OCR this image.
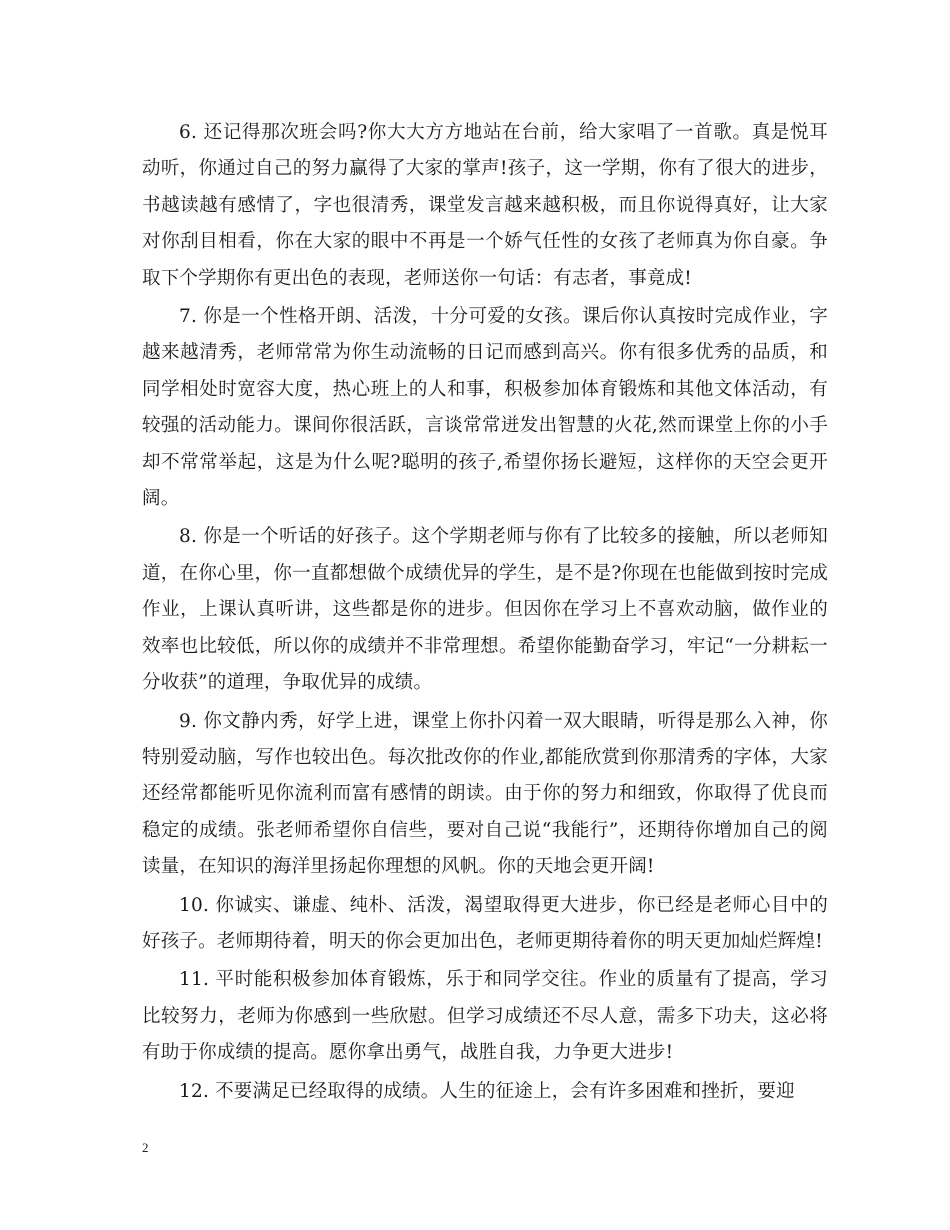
6. 还记得那次班会吗?你大大方方地站在台前，给大家唱了一首歌。真是悦耳动听，你通过自己的努力赢得了大家的掌声!孩子，这一学期，你有了很大的进步，书越读越有感情了，字也很清秀，课堂发言越来越积极，而且你说得真好，让大家对你刮目相看，你在大家的眼中不再是一个娇气任性的女孩了老师真为你自豪。争取下个学期你有更出色的表现，老师送你一句话：有志者，事竟成!

7. 你是一个性格开朗、活泼，十分可爱的女孩。课后你认真按时完成作业，字越来越清秀，老师常常为你生动流畅的日记而感到高兴。你有很多优秀的品质，和同学相处时宽容大度，热心班上的人和事，积极参加体育锻炼和其他文体活动，有较强的活动能力。课间你很活跃，言谈常常迸发出智慧的火花,然而课堂上你的小手却不常常举起，这是为什么呢?聪明的孩子,希望你扬长避短，这样你的天空会更开阔。

8. 你是一个听话的好孩子。这个学期老师与你有了比较多的接触，所以老师知道，在你心里，你一直都想做个成绩优异的学生，是不是?你现在也能做到按时完成作业，上课认真听讲，这些都是你的进步。但因你在学习上不喜欢动脑，做作业的效率也比较低，所以你的成绩并不非常理想。希望你能勤奋学习，牢记“一分耕耘一分收获”的道理，争取优异的成绩。

9. 你文静内秀，好学上进，课堂上你扑闪着一双大眼睛，听得是那么入神，你特别爱动脑，写作也较出色。每次批改你的作业,都能欣赏到你那清秀的字体，大家还经常都能听见你流利而富有感情的朗读。由于你的努力和细致，你取得了优良而稳定的成绩。张老师希望你自信些，要对自己说“我能行”，还期待你增加自己的阅读量，在知识的海洋里扬起你理想的风帆。你的天地会更开阔!

10. 你诚实、谦虚、纯朴、活泼，渴望取得更大进步，你已经是老师心目中的好孩子。老师期待着，明天的你会更加出色，老师更期待着你的明天更加灿烂辉煌!

11. 平时能积极参加体育锻炼，乐于和同学交往。作业的质量有了提高，学习比较努力，老师为你感到一些欣慰。但学习成绩还不尽人意，需多下功夫，这必将有助于你成绩的提高。愿你拿出勇气，战胜自我，力争更大进步!

12. 不要满足已经取得的成绩。人生的征途上，会有许多困难和挫折，要迎

2
